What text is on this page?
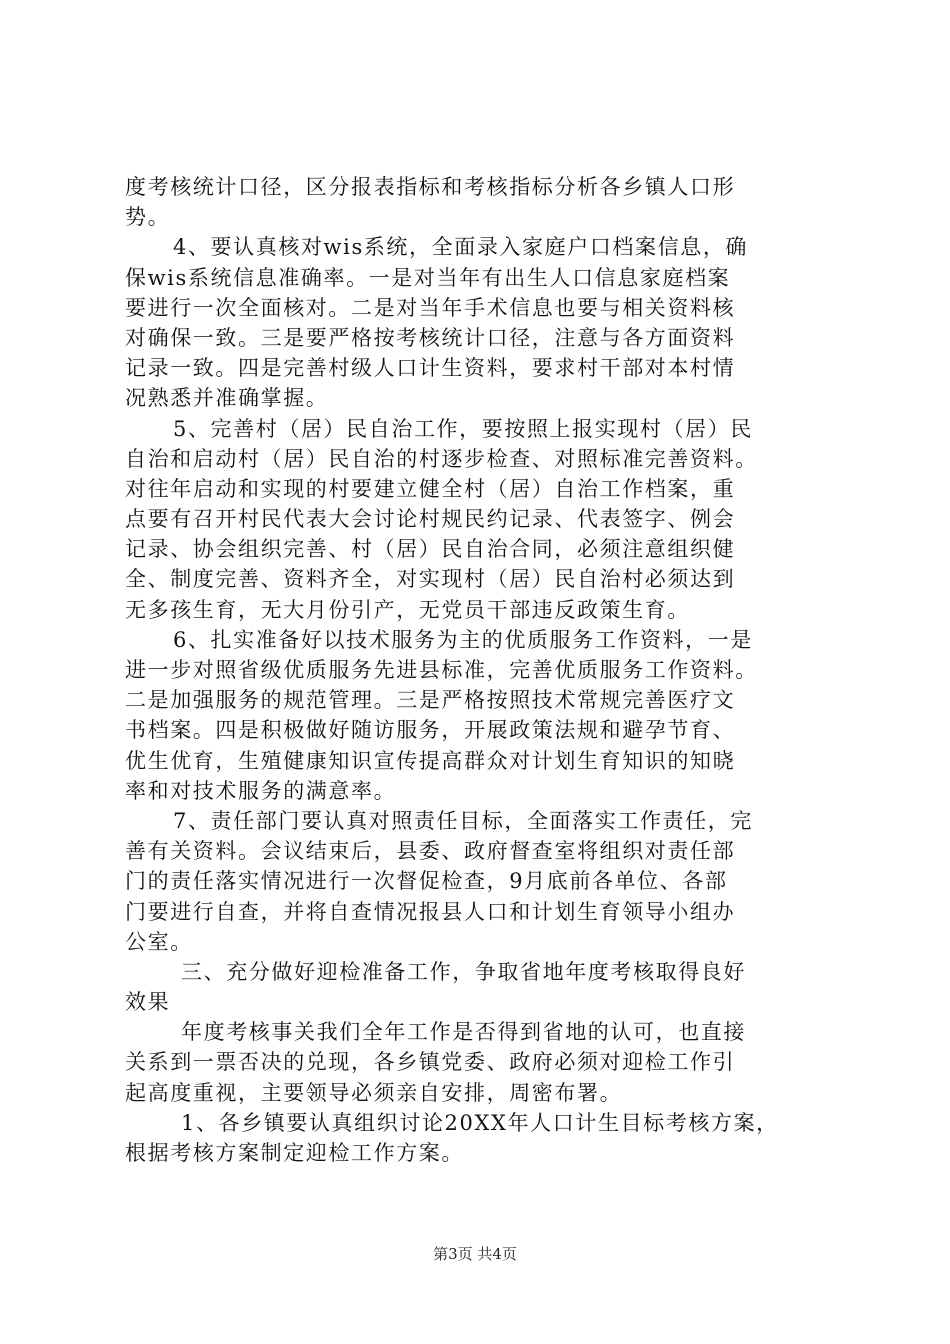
度考核统计口径，区分报表指标和考核指标分析各乡镇人口形
势。
4、要认真核对wis系统，全面录入家庭户口档案信息，确
保wis系统信息准确率。一是对当年有出生人口信息家庭档案
要进行一次全面核对。二是对当年手术信息也要与相关资料核
对确保一致。三是要严格按考核统计口径，注意与各方面资料
记录一致。四是完善村级人口计生资料，要求村干部对本村情
况熟悉并准确掌握。
5、完善村（居）民自治工作，要按照上报实现村（居）民
自治和启动村（居）民自治的村逐步检查、对照标准完善资料。
对往年启动和实现的村要建立健全村（居）自治工作档案，重
点要有召开村民代表大会讨论村规民约记录、代表签字、例会
记录、协会组织完善、村（居）民自治合同，必须注意组织健
全、制度完善、资料齐全，对实现村（居）民自治村必须达到
无多孩生育，无大月份引产，无党员干部违反政策生育。
6、扎实准备好以技术服务为主的优质服务工作资料，一是
进一步对照省级优质服务先进县标准，完善优质服务工作资料。
二是加强服务的规范管理。三是严格按照技术常规完善医疗文
书档案。四是积极做好随访服务，开展政策法规和避孕节育、
优生优育，生殖健康知识宣传提高群众对计划生育知识的知晓
率和对技术服务的满意率。
7、责任部门要认真对照责任目标，全面落实工作责任，完
善有关资料。会议结束后，县委、政府督查室将组织对责任部
门的责任落实情况进行一次督促检查，9月底前各单位、各部
门要进行自查，并将自查情况报县人口和计划生育领导小组办
公室。
三、充分做好迎检准备工作，争取省地年度考核取得良好
效果
年度考核事关我们全年工作是否得到省地的认可，也直接
关系到一票否决的兑现，各乡镇党委、政府必须对迎检工作引
起高度重视，主要领导必须亲自安排，周密布署。
1、各乡镇要认真组织讨论20XX年人口计生目标考核方案，
根据考核方案制定迎检工作方案。
第3页 共4页
